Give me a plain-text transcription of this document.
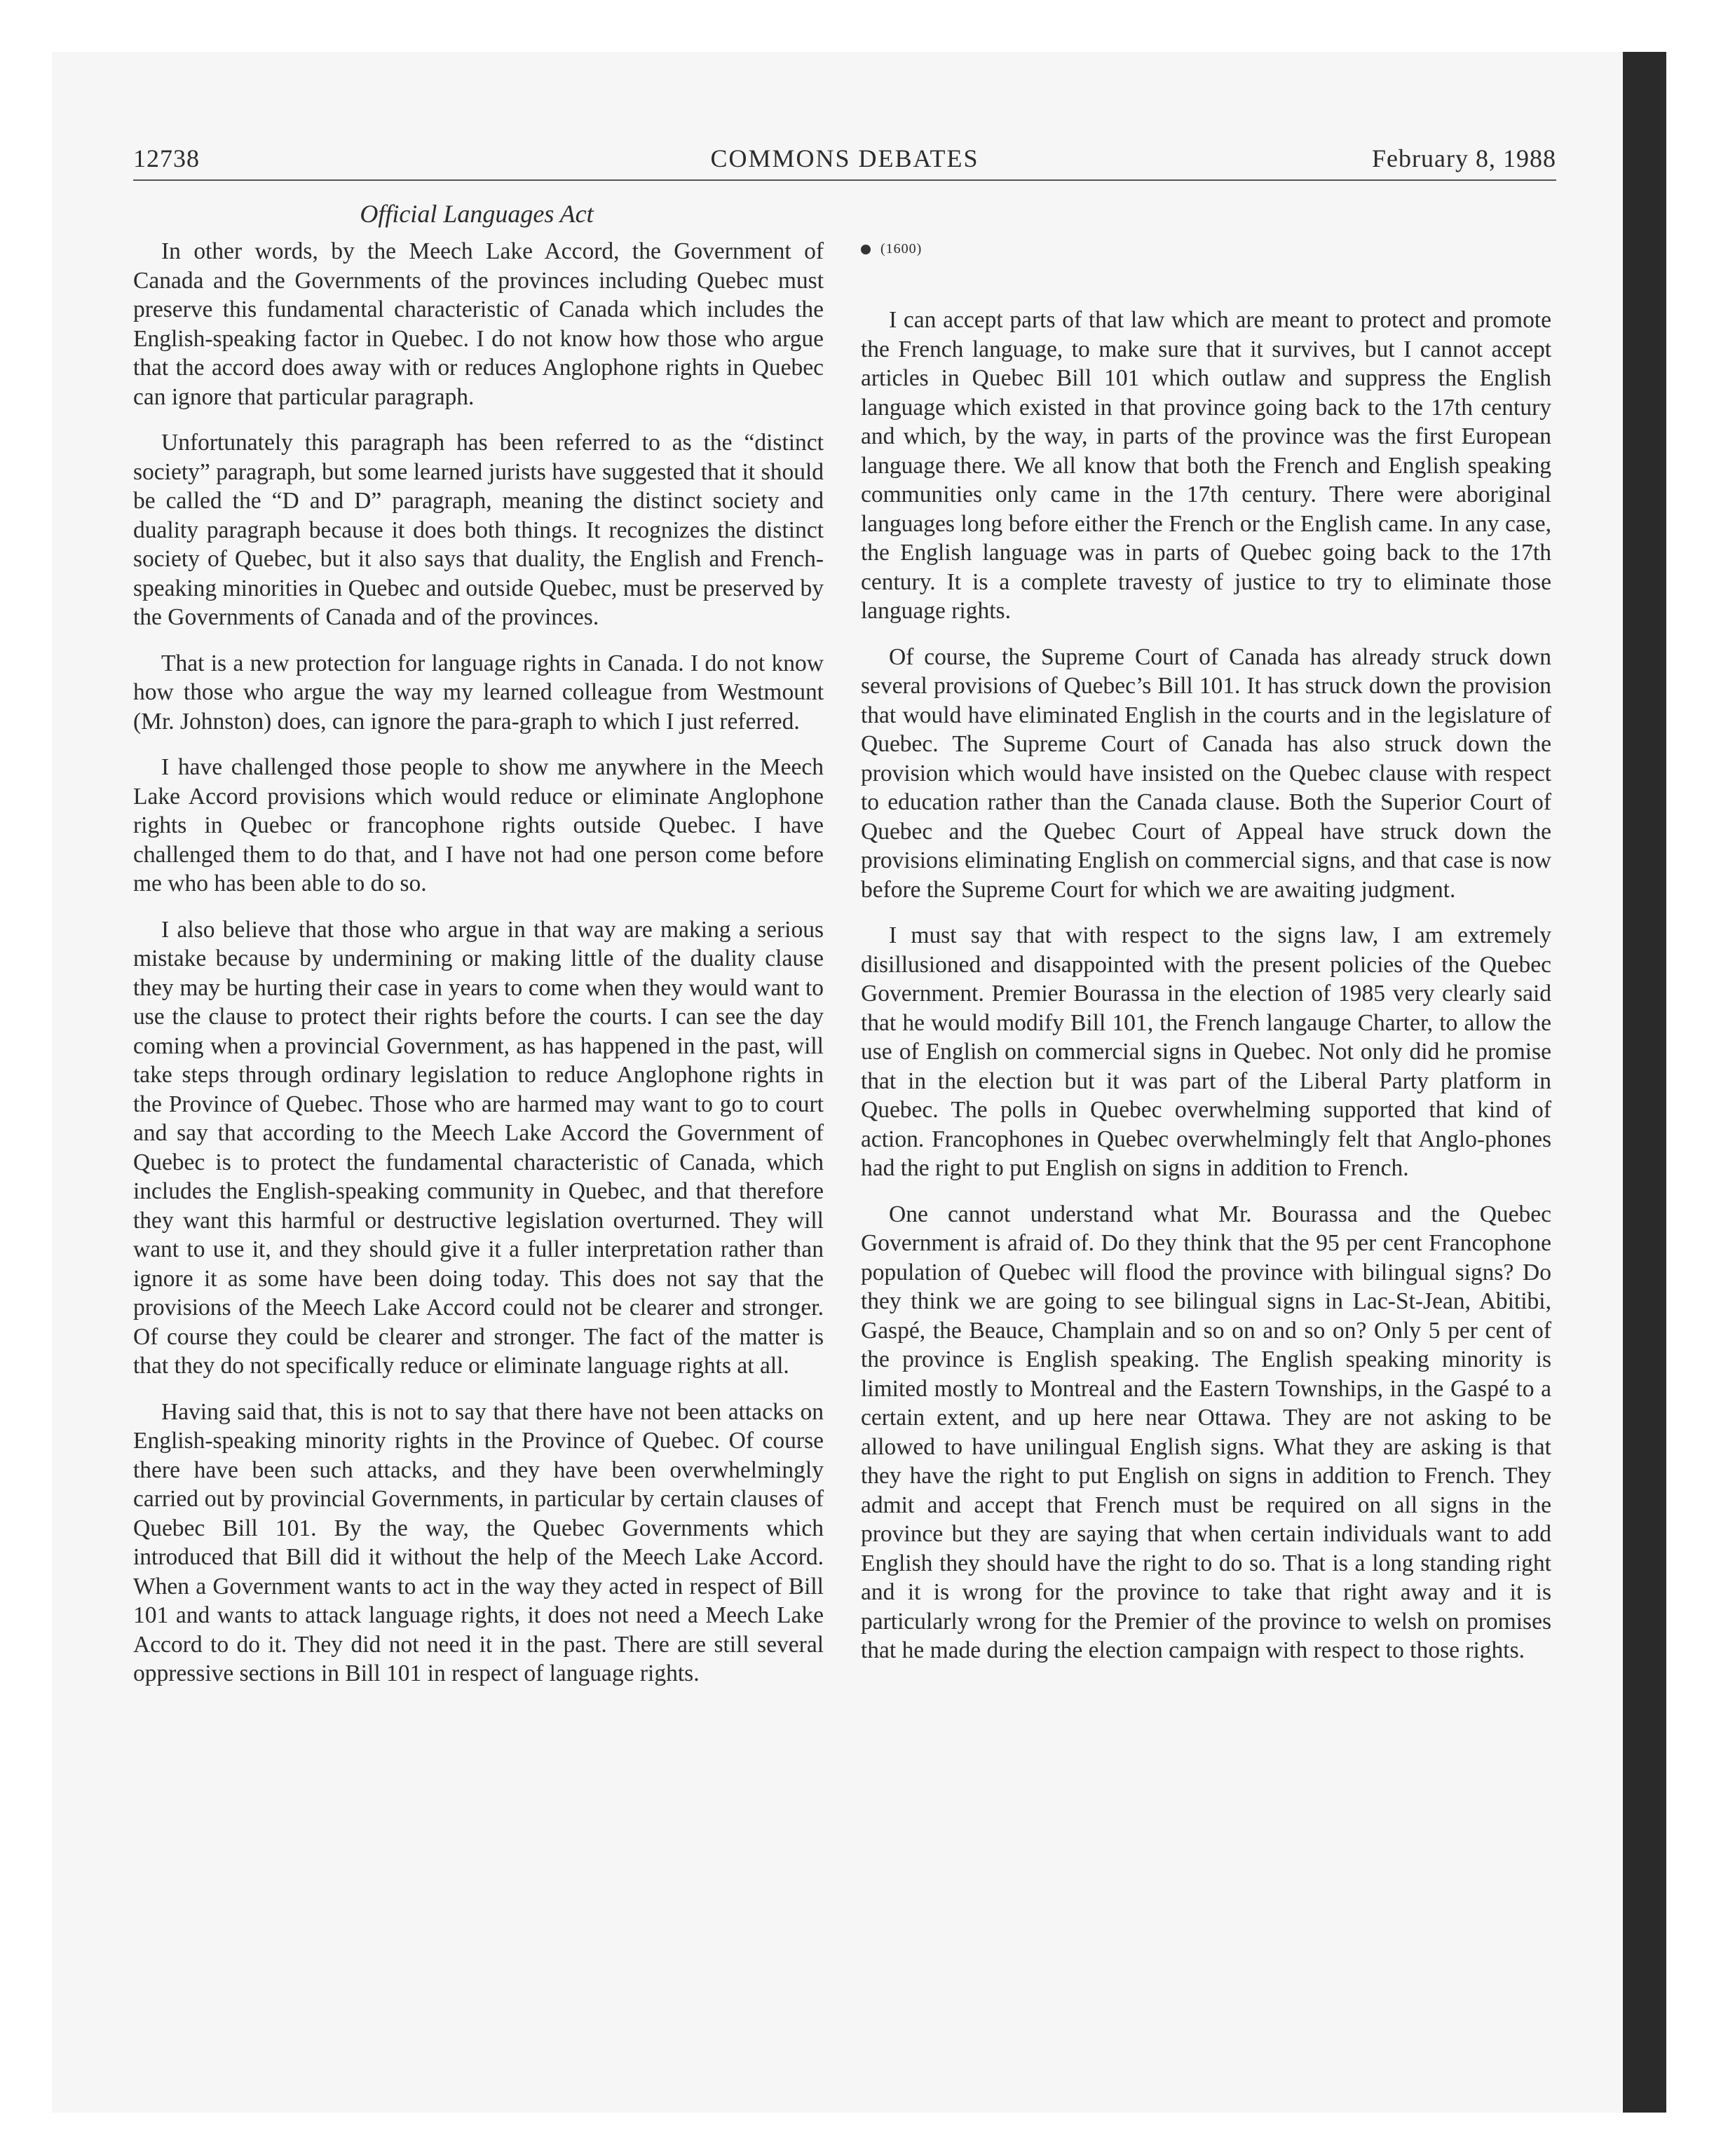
12738	COMMONS DEBATES	February 8, 1988
Official Languages Act

In other words, by the Meech Lake Accord, the Government of Canada and the Governments of the provinces including Quebec must preserve this fundamental characteristic of Canada which includes the English-speaking factor in Quebec. I do not know how those who argue that the accord does away with or reduces Anglophone rights in Quebec can ignore that particular paragraph.

Unfortunately this paragraph has been referred to as the “distinct society” paragraph, but some learned jurists have suggested that it should be called the “D and D” paragraph, meaning the distinct society and duality paragraph because it does both things. It recognizes the distinct society of Quebec, but it also says that duality, the English and French-speaking minorities in Quebec and outside Quebec, must be preserved by the Governments of Canada and of the provinces.

That is a new protection for language rights in Canada. I do not know how those who argue the way my learned colleague from Westmount (Mr. Johnston) does, can ignore the para-graph to which I just referred.

I have challenged those people to show me anywhere in the Meech Lake Accord provisions which would reduce or eliminate Anglophone rights in Quebec or francophone rights outside Quebec. I have challenged them to do that, and I have not had one person come before me who has been able to do so.

I also believe that those who argue in that way are making a serious mistake because by undermining or making little of the duality clause they may be hurting their case in years to come when they would want to use the clause to protect their rights before the courts. I can see the day coming when a provincial Government, as has happened in the past, will take steps through ordinary legislation to reduce Anglophone rights in the Province of Quebec. Those who are harmed may want to go to court and say that according to the Meech Lake Accord the Government of Quebec is to protect the fundamental characteristic of Canada, which includes the English-speaking community in Quebec, and that therefore they want this harmful or destructive legislation overturned. They will want to use it, and they should give it a fuller interpretation rather than ignore it as some have been doing today. This does not say that the provisions of the Meech Lake Accord could not be clearer and stronger. Of course they could be clearer and stronger. The fact of the matter is that they do not specifically reduce or eliminate language rights at all.

Having said that, this is not to say that there have not been attacks on English-speaking minority rights in the Province of Quebec. Of course there have been such attacks, and they have been overwhelmingly carried out by provincial Governments, in particular by certain clauses of Quebec Bill 101. By the way, the Quebec Governments which introduced that Bill did it without the help of the Meech Lake Accord. When a Government wants to act in the way they acted in respect of Bill 101 and wants to attack language rights, it does not need a Meech Lake Accord to do it. They did not need it in the past. There are still several oppressive sections in Bill 101 in respect of language rights.

(1600)

I can accept parts of that law which are meant to protect and promote the French language, to make sure that it survives, but I cannot accept articles in Quebec Bill 101 which outlaw and suppress the English language which existed in that province going back to the 17th century and which, by the way, in parts of the province was the first European language there. We all know that both the French and English speaking communities only came in the 17th century. There were aboriginal languages long before either the French or the English came. In any case, the English language was in parts of Quebec going back to the 17th century. It is a complete travesty of justice to try to eliminate those language rights.

Of course, the Supreme Court of Canada has already struck down several provisions of Quebec’s Bill 101. It has struck down the provision that would have eliminated English in the courts and in the legislature of Quebec. The Supreme Court of Canada has also struck down the provision which would have insisted on the Quebec clause with respect to education rather than the Canada clause. Both the Superior Court of Quebec and the Quebec Court of Appeal have struck down the provisions eliminating English on commercial signs, and that case is now before the Supreme Court for which we are awaiting judgment.

I must say that with respect to the signs law, I am extremely disillusioned and disappointed with the present policies of the Quebec Government. Premier Bourassa in the election of 1985 very clearly said that he would modify Bill 101, the French langauge Charter, to allow the use of English on commercial signs in Quebec. Not only did he promise that in the election but it was part of the Liberal Party platform in Quebec. The polls in Quebec overwhelming supported that kind of action. Francophones in Quebec overwhelmingly felt that Anglo-phones had the right to put English on signs in addition to French.

One cannot understand what Mr. Bourassa and the Quebec Government is afraid of. Do they think that the 95 per cent Francophone population of Quebec will flood the province with bilingual signs? Do they think we are going to see bilingual signs in Lac-St-Jean, Abitibi, Gaspé, the Beauce, Champlain and so on and so on? Only 5 per cent of the province is English speaking. The English speaking minority is limited mostly to Montreal and the Eastern Townships, in the Gaspé to a certain extent, and up here near Ottawa. They are not asking to be allowed to have unilingual English signs. What they are asking is that they have the right to put English on signs in addition to French. They admit and accept that French must be required on all signs in the province but they are saying that when certain individuals want to add English they should have the right to do so. That is a long standing right and it is wrong for the province to take that right away and it is particularly wrong for the Premier of the province to welsh on promises that he made during the election campaign with respect to those rights.
